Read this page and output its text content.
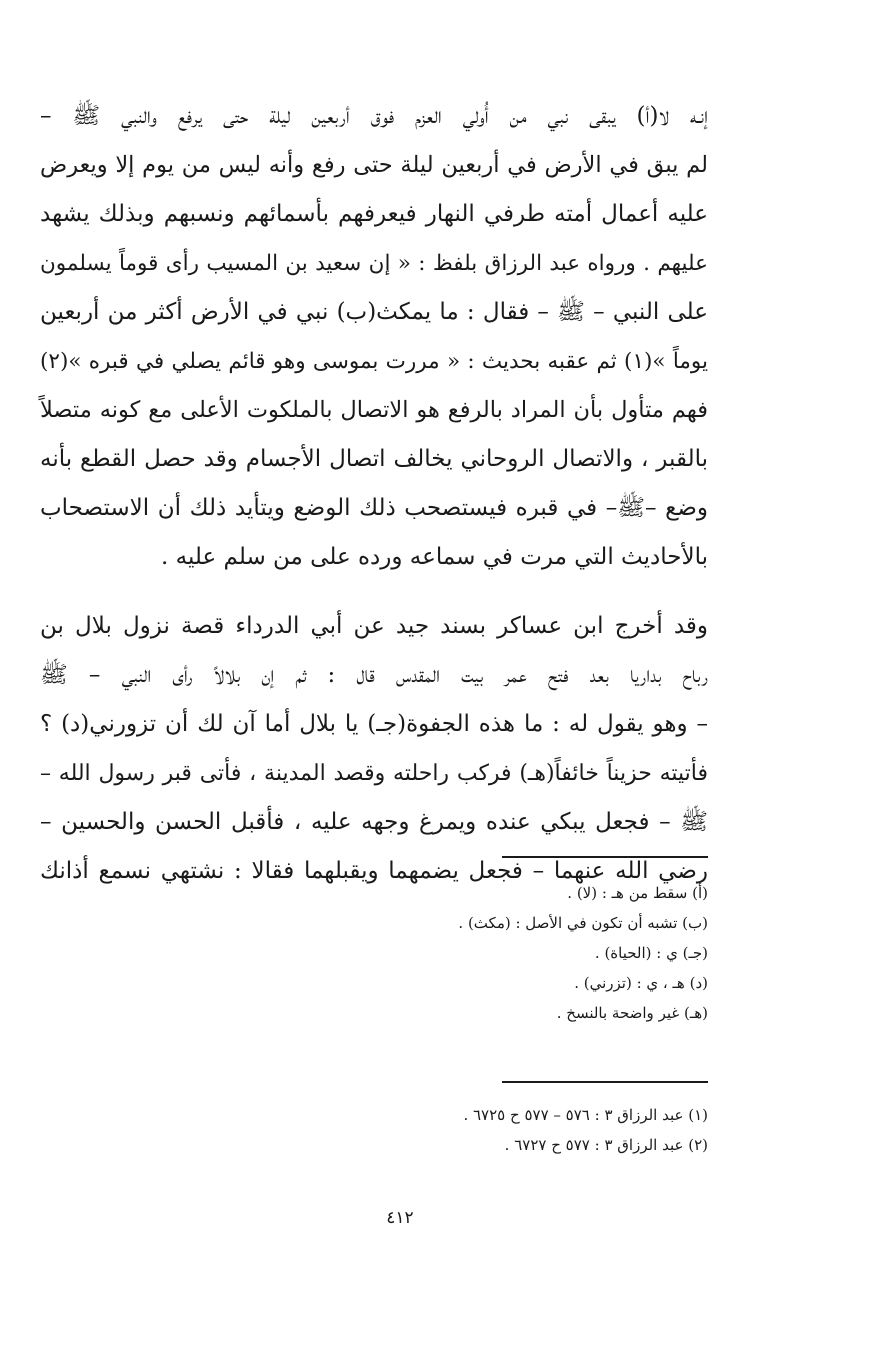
إنـه لا(أ) يبقى نبي من أُولي العزم فوق أربعين ليلة حتى يرفع والنبي ﷺ –
لم يبق في الأرض في أربعين ليلة حتى رفع وأنه ليس من يوم إلا ويعرض
عليه أعمال أمته طرفي النهار فيعرفهم بأسمائهم ونسبهم وبذلك يشهد
عليهم . ورواه عبد الرزاق بلفظ : « إن سعيد بن المسيب رأى قوماً يسلمون
على النبي – ﷺ – فقال : ما يمكث(ب) نبي في الأرض أكثر من أربعين
يوماً »(١) ثم عقبه بحديث : « مررت بموسى وهو قائم يصلي في قبره »(٢)
فهم متأول بأن المراد بالرفع هو الاتصال بالملكوت الأعلى مع كونه متصلاً
بالقبر ، والاتصال الروحاني يخالف اتصال الأجسام وقد حصل القطع بأنه
وضع –ﷺ– في قبره فيستصحب ذلك الوضع ويتأيد ذلك أن الاستصحاب
بالأحاديث التي مرت في سماعه ورده على من سلم عليه .
وقد أخرج ابن عساكر بسند جيد عن أبي الدرداء قصة نزول بلال بن
رباح بداريا بعد فتح عمر بيت المقدس قال : ثم إن بلالاً رأى النبي – ﷺ
– وهو يقول له : ما هذه الجفوة(جـ) يا بلال أما آن لك أن تزورني(د) ؟
فأتيته حزيناً خائفاً(هـ) فركب راحلته وقصد المدينة ، فأتى قبر رسول الله –
ﷺ – فجعل يبكي عنده ويمرغ وجهه عليه ، فأقبل الحسن والحسين –
رضي الله عنهما – فجعل يضمهما ويقبلهما فقالا : نشتهي نسمع أذانك
(أ) سقط من هـ : (لا) .
(ب) تشبه أن تكون في الأصل : (مكث) .
(جـ) ي : (الحياة) .
(د) هـ ، ي : (تزرني) .
(هـ) غير واضحة بالنسخ .
(١) عبد الرزاق ٣ : ٥٧٦ – ٥٧٧ ح ٦٧٢٥ .
(٢) عبد الرزاق ٣ : ٥٧٧ ح ٦٧٢٧ .
٤١٢
